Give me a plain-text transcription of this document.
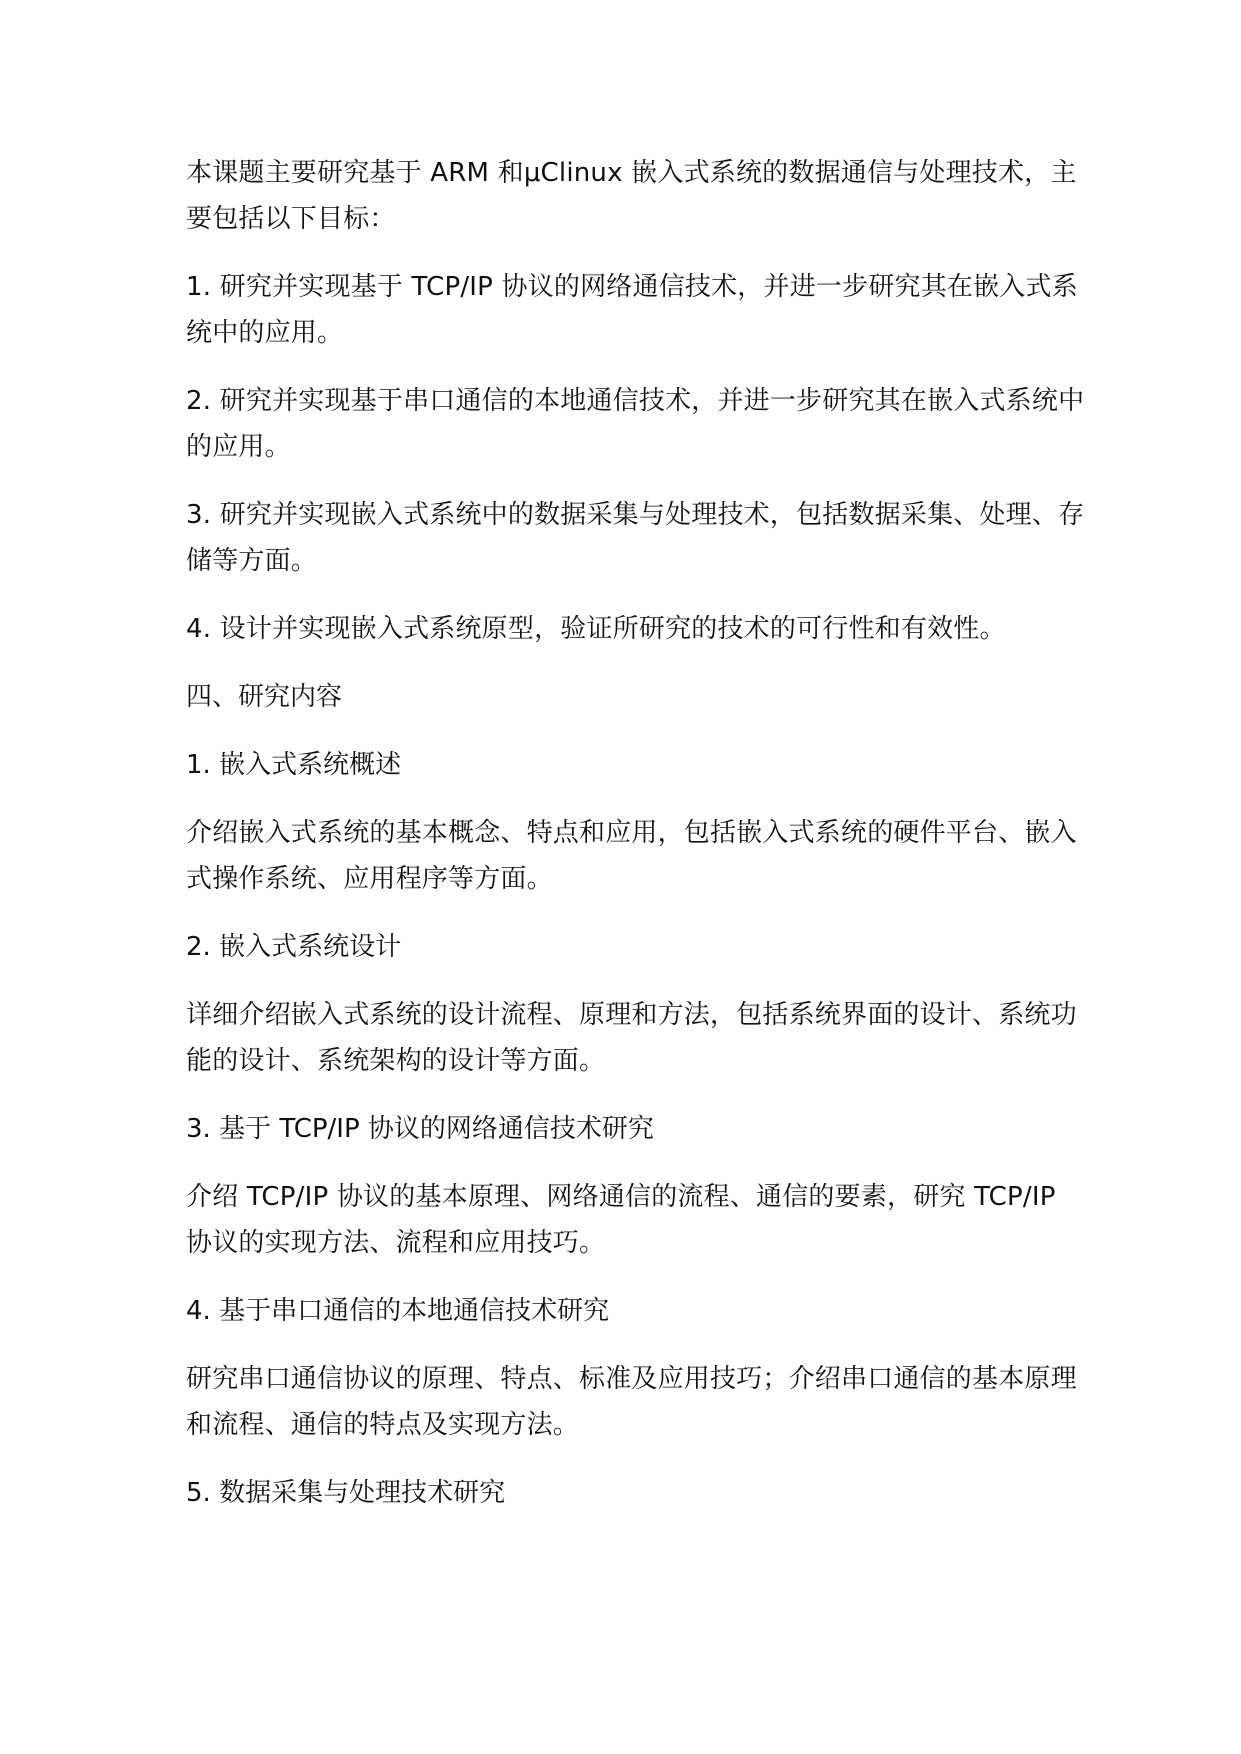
本课题主要研究基于 ARM 和μClinux 嵌入式系统的数据通信与处理技术，主要包括以下目标：

1. 研究并实现基于 TCP/IP 协议的网络通信技术，并进一步研究其在嵌入式系统中的应用。

2. 研究并实现基于串口通信的本地通信技术，并进一步研究其在嵌入式系统中的应用。

3. 研究并实现嵌入式系统中的数据采集与处理技术，包括数据采集、处理、存储等方面。

4. 设计并实现嵌入式系统原型，验证所研究的技术的可行性和有效性。

四、研究内容

1. 嵌入式系统概述

介绍嵌入式系统的基本概念、特点和应用，包括嵌入式系统的硬件平台、嵌入式操作系统、应用程序等方面。

2. 嵌入式系统设计

详细介绍嵌入式系统的设计流程、原理和方法，包括系统界面的设计、系统功能的设计、系统架构的设计等方面。

3. 基于 TCP/IP 协议的网络通信技术研究

介绍 TCP/IP 协议的基本原理、网络通信的流程、通信的要素，研究 TCP/IP 协议的实现方法、流程和应用技巧。

4. 基于串口通信的本地通信技术研究

研究串口通信协议的原理、特点、标准及应用技巧；介绍串口通信的基本原理和流程、通信的特点及实现方法。

5. 数据采集与处理技术研究
